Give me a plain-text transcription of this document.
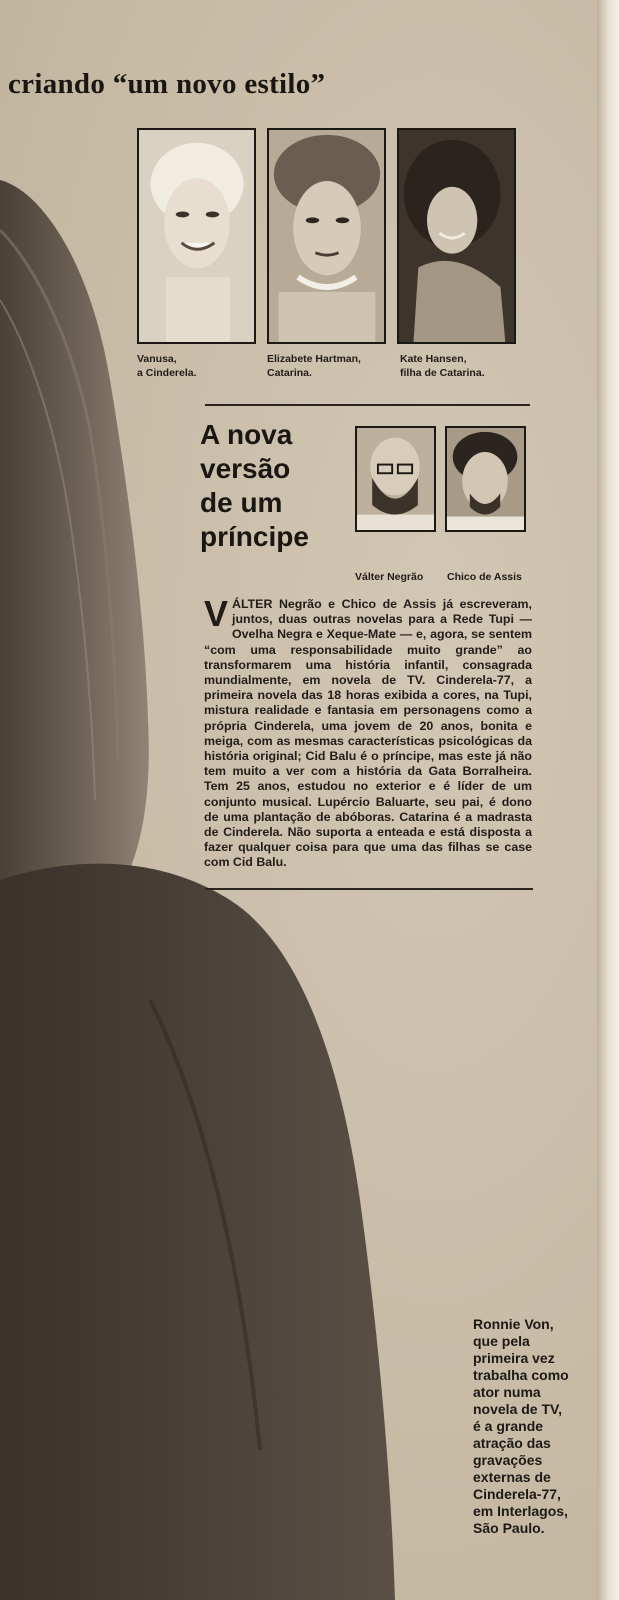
criando “um novo estilo”
Vanusa,
a Cinderela.
Elizabete Hartman,
Catarina.
Kate Hansen,
filha de Catarina.
A nova
versão
de um
príncipe
Válter Negrão Chico de Assis

VÁLTER Negrão e Chico de Assis já escreveram, juntos, duas outras novelas para a Rede Tupi — Ovelha Negra e Xeque-Mate — e, agora, se sentem “com uma responsabilidade muito grande” ao transformarem uma história infantil, consagrada mundialmente, em novela de TV. Cinderela-77, a primeira novela das 18 horas exibida a cores, na Tupi, mistura realidade e fantasia em personagens como a própria Cinderela, uma jovem de 20 anos, bonita e meiga, com as mesmas características psicológicas da história original; Cid Balu é o príncipe, mas este já não tem muito a ver com a história da Gata Borralheira. Tem 25 anos, estudou no exterior e é líder de um conjunto musical. Lupércio Baluarte, seu pai, é dono de uma plantação de abóboras. Catarina é a madrasta de Cinderela. Não suporta a enteada e está disposta a fazer qualquer coisa para que uma das filhas se case com Cid Balu.

Ronnie Von,
que pela
primeira vez
trabalha como
ator numa
novela de TV,
é a grande
atração das
gravações
externas de
Cinderela-77,
em Interlagos,
São Paulo.
